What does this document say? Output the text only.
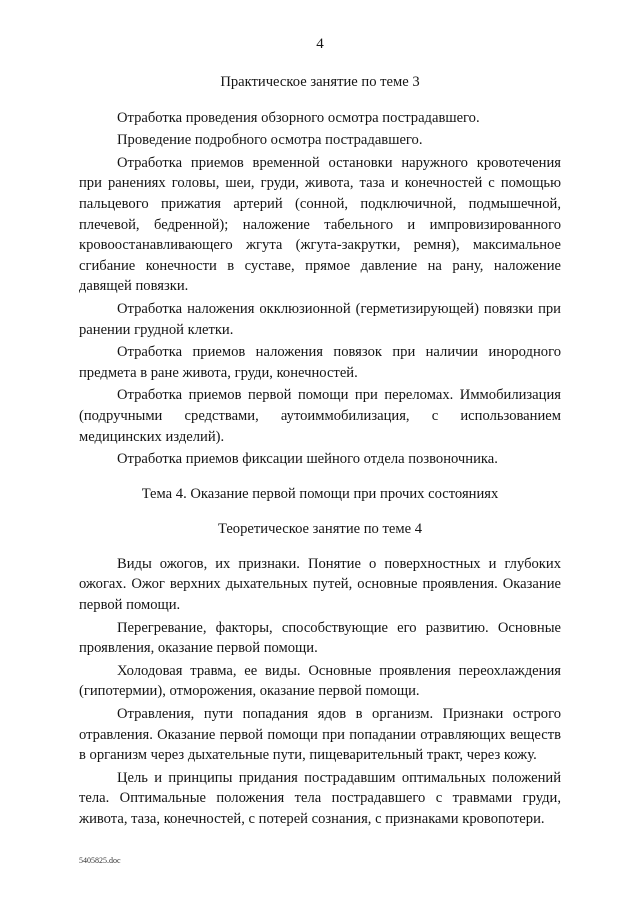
4
Практическое занятие по теме 3

Отработка проведения обзорного осмотра пострадавшего.

Проведение подробного осмотра пострадавшего.

Отработка приемов временной остановки наружного кровотечения при ранениях головы, шеи, груди, живота, таза и конечностей с помощью пальцевого прижатия артерий (сонной, подключичной, подмышечной, плечевой, бедренной); наложение табельного и импровизированного кровоостанавливающего жгута (жгута-закрутки, ремня), максимальное сгибание конечности в суставе, прямое давление на рану, наложение давящей повязки.

Отработка наложения окклюзионной (герметизирующей) повязки при ранении грудной клетки.

Отработка приемов наложения повязок при наличии инородного предмета в ране живота, груди, конечностей.

Отработка приемов первой помощи при переломах. Иммобилизация (подручными средствами, аутоиммобилизация, с использованием медицинских изделий).

Отработка приемов фиксации шейного отдела позвоночника.

Тема 4. Оказание первой помощи при прочих состояниях
Теоретическое занятие по теме 4

Виды ожогов, их признаки. Понятие о поверхностных и глубоких ожогах. Ожог верхних дыхательных путей, основные проявления. Оказание первой помощи.

Перегревание, факторы, способствующие его развитию. Основные проявления, оказание первой помощи.

Холодовая травма, ее виды. Основные проявления переохлаждения (гипотермии), отморожения, оказание первой помощи.

Отравления, пути попадания ядов в организм. Признаки острого отравления. Оказание первой помощи при попадании отравляющих веществ в организм через дыхательные пути, пищеварительный тракт, через кожу.

Цель и принципы придания пострадавшим оптимальных положений тела. Оптимальные положения тела пострадавшего с травмами груди, живота, таза, конечностей, с потерей сознания, с признаками кровопотери.

5405825.doc
